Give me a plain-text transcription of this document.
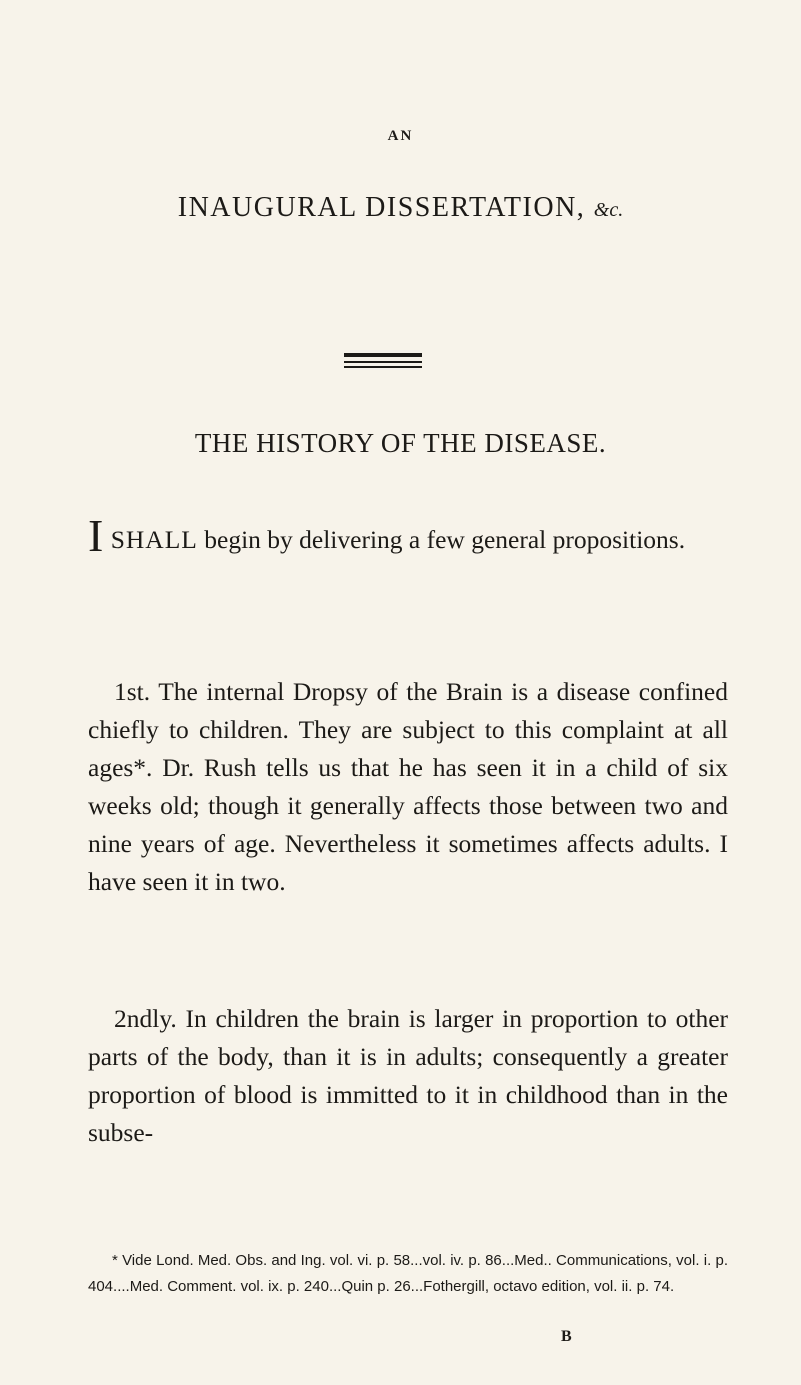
AN
INAUGURAL DISSERTATION, &c.
THE HISTORY OF THE DISEASE.
I SHALL begin by delivering a few general propositions.
1st. The internal Dropsy of the Brain is a disease confined chiefly to children. They are subject to this complaint at all ages*. Dr. Rush tells us that he has seen it in a child of six weeks old; though it generally affects those between two and nine years of age. Nevertheless it sometimes affects adults. I have seen it in two.
2ndly. In children the brain is larger in proportion to other parts of the body, than it is in adults; consequently a greater proportion of blood is immitted to it in childhood than in the subse-
* Vide Lond. Med. Obs. and Ing. vol. vi. p. 58...vol. iv. p. 86...Med.. Communications, vol. i. p. 404....Med. Comment. vol. ix. p. 240...Quin p. 26...Fothergill, octavo edition, vol. ii. p. 74.
B
